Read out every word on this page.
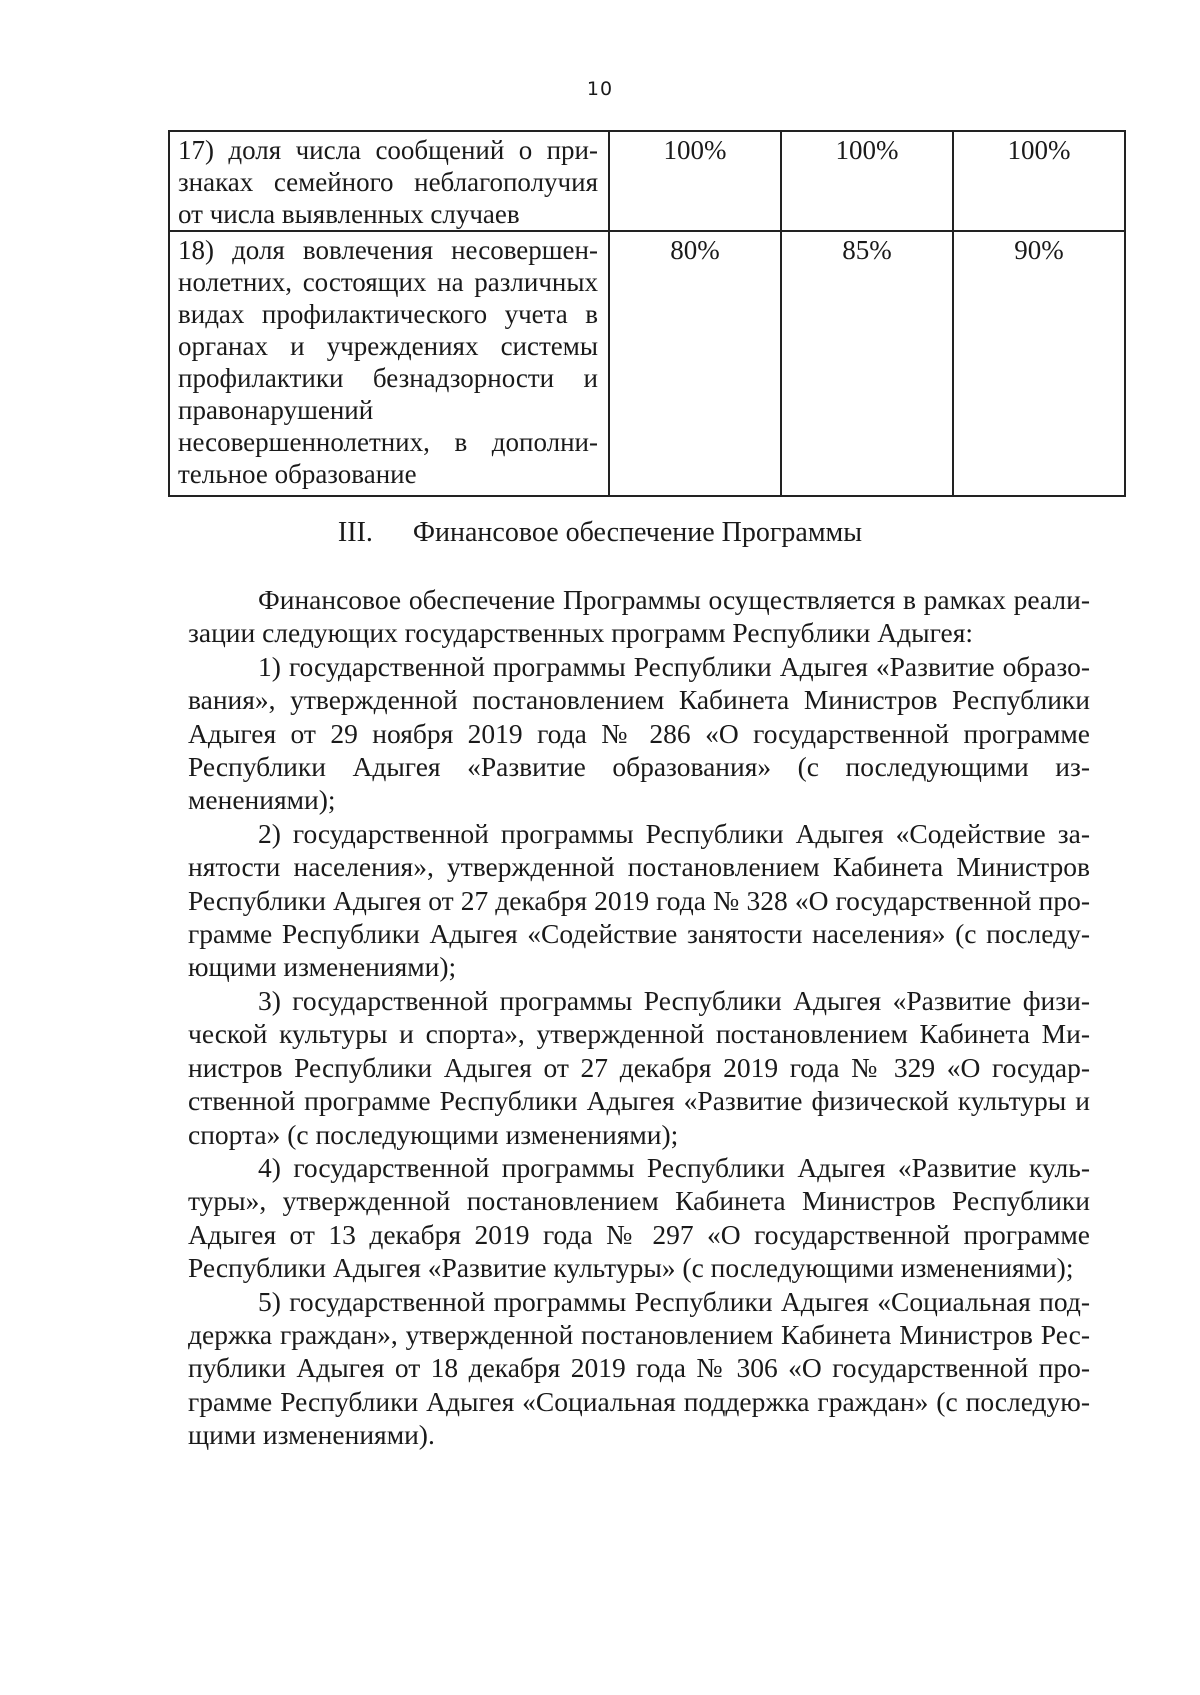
10
17) доля числа сообщений о признаках семейного неблагополучия от числа выявленных случаев	100%	100%	100%
18) доля вовлечения несовершеннолетних, состоящих на различных видах профилактического учета в органах и учреждениях системы профилактики безнадзорности и правонарушений несовершеннолетних, в дополнительное образование	80%	85%	90%
III. Финансовое обеспечение Программы

Финансовое обеспечение Программы осуществляется в рамках реализации следующих государственных программ Республики Адыгея:

1) государственной программы Республики Адыгея «Развитие образования», утвержденной постановлением Кабинета Министров Республики Адыгея от 29 ноября 2019 года № 286 «О государственной программе Республики Адыгея «Развитие образования» (с последующими изменениями);

2) государственной программы Республики Адыгея «Содействие занятости населения», утвержденной постановлением Кабинета Министров Республики Адыгея от 27 декабря 2019 года № 328 «О государственной программе Республики Адыгея «Содействие занятости населения» (с последующими изменениями);

3) государственной программы Республики Адыгея «Развитие физической культуры и спорта», утвержденной постановлением Кабинета Министров Республики Адыгея от 27 декабря 2019 года № 329 «О государственной программе Республики Адыгея «Развитие физической культуры и спорта» (с последующими изменениями);

4) государственной программы Республики Адыгея «Развитие культуры», утвержденной постановлением Кабинета Министров Республики Адыгея от 13 декабря 2019 года № 297 «О государственной программе Республики Адыгея «Развитие культуры» (с последующими изменениями);

5) государственной программы Республики Адыгея «Социальная поддержка граждан», утвержденной постановлением Кабинета Министров Республики Адыгея от 18 декабря 2019 года № 306 «О государственной программе Республики Адыгея «Социальная поддержка граждан» (с последующими изменениями).
